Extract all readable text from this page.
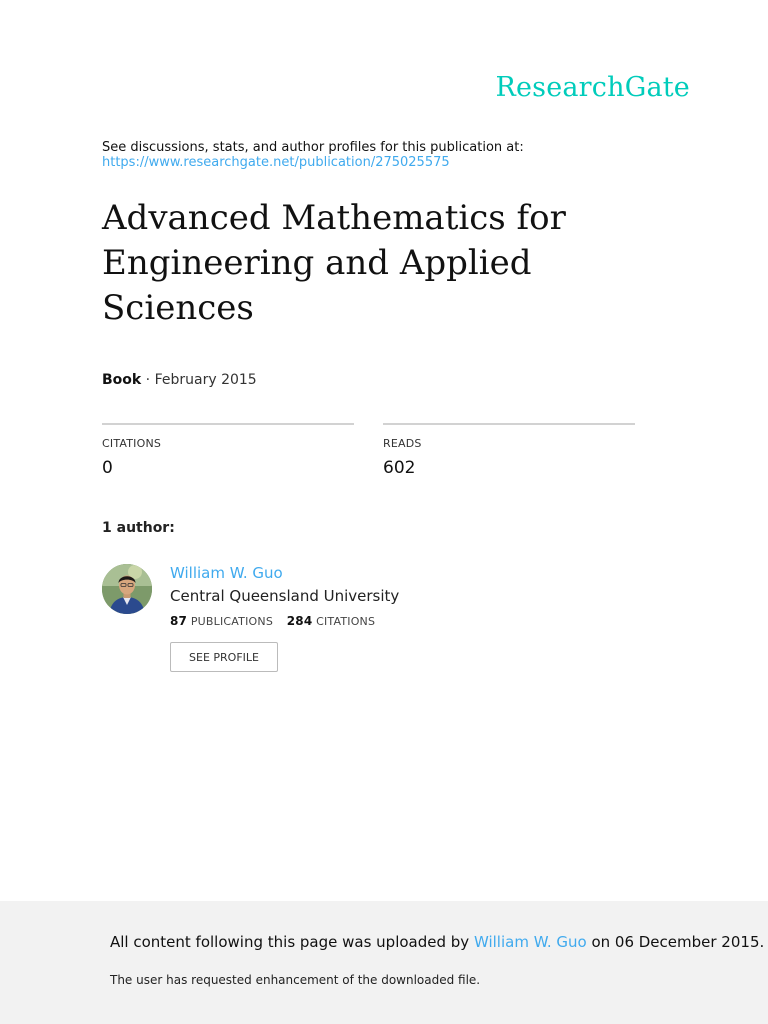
ResearchGate
See discussions, stats, and author profiles for this publication at:
https://www.researchgate.net/publication/275025575
Advanced Mathematics for Engineering and Applied Sciences
Book · February 2015
CITATIONS
0
READS
602
1 author:
William W. Guo
Central Queensland University
87 PUBLICATIONS 284 CITATIONS
SEE PROFILE
All content following this page was uploaded by William W. Guo on 06 December 2015.
The user has requested enhancement of the downloaded file.
